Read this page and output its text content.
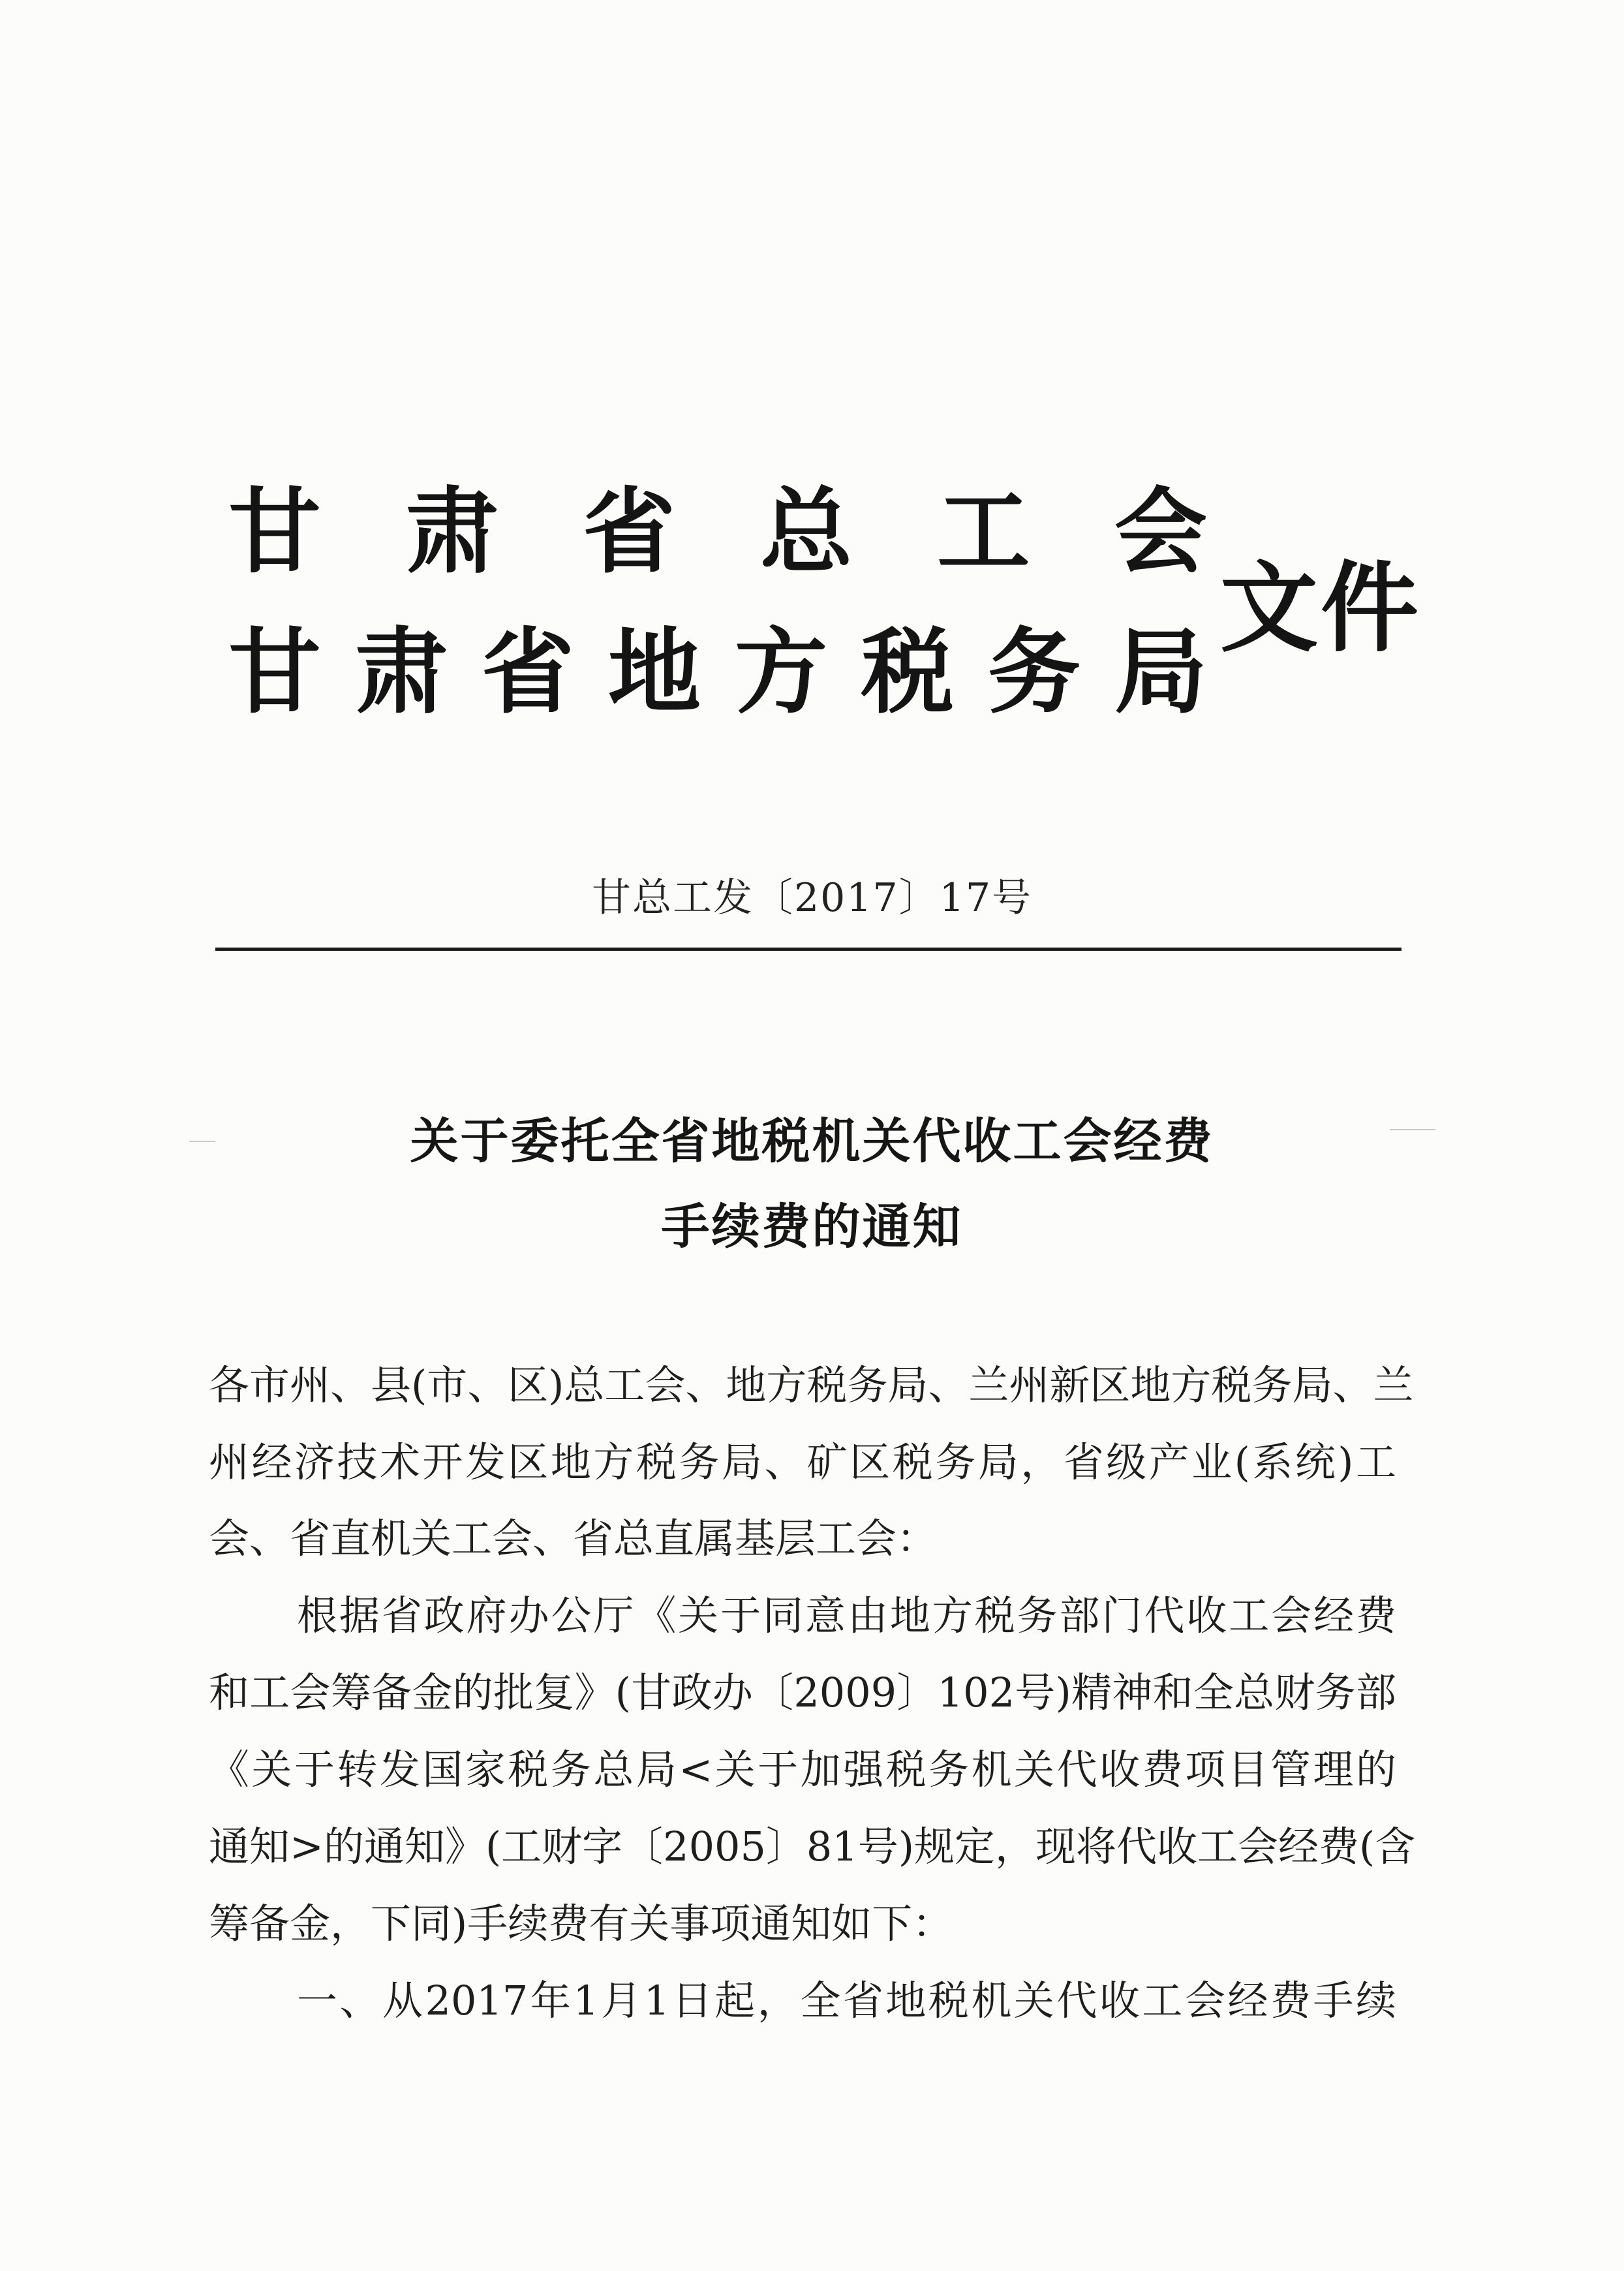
甘 肃 省 总 工 会
甘 肃 省 地 方 税 务 局
文件
甘总工发〔2017〕17号
关于委托全省地税机关代收工会经费
手续费的通知
各市州、县(市、区)总工会、地方税务局、兰州新区地方税务局、兰
州经济技术开发区地方税务局、矿区税务局，省级产业(系统)工
会、省直机关工会、省总直属基层工会：
根据省政府办公厅《关于同意由地方税务部门代收工会经费
和工会筹备金的批复》(甘政办〔2009〕102号)精神和全总财务部
《关于转发国家税务总局<关于加强税务机关代收费项目管理的
通知>的通知》(工财字〔2005〕81号)规定，现将代收工会经费(含
筹备金，下同)手续费有关事项通知如下：
一、从2017年1月1日起，全省地税机关代收工会经费手续
